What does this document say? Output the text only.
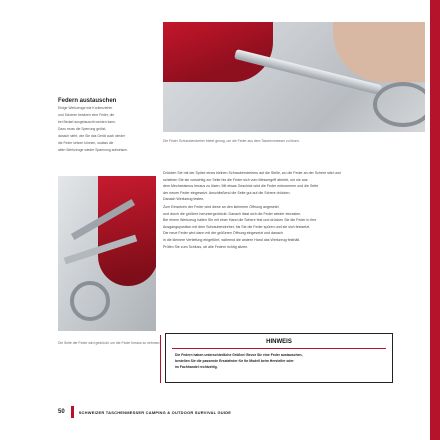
Federn austauschen
Einige Werkzeuge wie Korkenzieher
und Scheren besitzen eine Feder, die
bei Bedarf ausgetauscht werden kann.
Dazu muss die Sperrung gelöst,
danach sieht, wie Sie das Gerät auch wieder
die Feder setzen können, sodass die
alten Werkzeuge wieder Spannung aufweisen.
Die Feder Schraubendreher bietet genug, um die Feder aus dem Taschenmesser zu lösen.
Die Seite der Feder wird gedrückt, um die Feder heraus zu nehmen.
Drücken Sie mit der Spitze eines kleinen Schraubendrehers auf die Stelle, wo die Feder an der Schere sitzt und
schieben Sie sie vorsichtig zur Seite bis die Feder sich vom Messergriff abhebt, um sie aus
dem Mechanismus heraus zu lösen. Mit etwas Geschick wird die Feder entnommen und die Seite
der neuen Feder eingesetzt. Anschließend die Seite gut auf die Schere drücken.
Danach Werkzeug testen.
Zum Einsetzen der Feder wird diese an den kleineren Öffnung angesetzt
und durch die größere heruntergedrückt. Danach lässt sich die Feder wieder einrasten.
Bei einem Werkzeug halten Sie mit einer Hand die Schere fest und drücken Sie die Feder in ihre
Ausgangsposition mit dem Schraubendreher, bis Sie die Feder spüren und sie sich festsetzt.
Die neue Feder wird dann mit der größeren Öffnung eingesetzt und danach
in die kleinere Vertiefung eingeführt, während die andere Hand das Werkzeug festhält.
Prüfen Sie zum Schluss, ob alle Federn richtig sitzen.
HINWEIS
Die Federn haben unterschiedliche Größen! Bevor Sie eine Feder austauschen,
bestellen Sie die passende Ersatzfeder für Ihr Modell beim Hersteller oder
im Fachhandel rechtzeitig.
50	SCHWEIZER TASCHENMESSER CAMPING & OUTDOOR SURVIVAL GUIDE
